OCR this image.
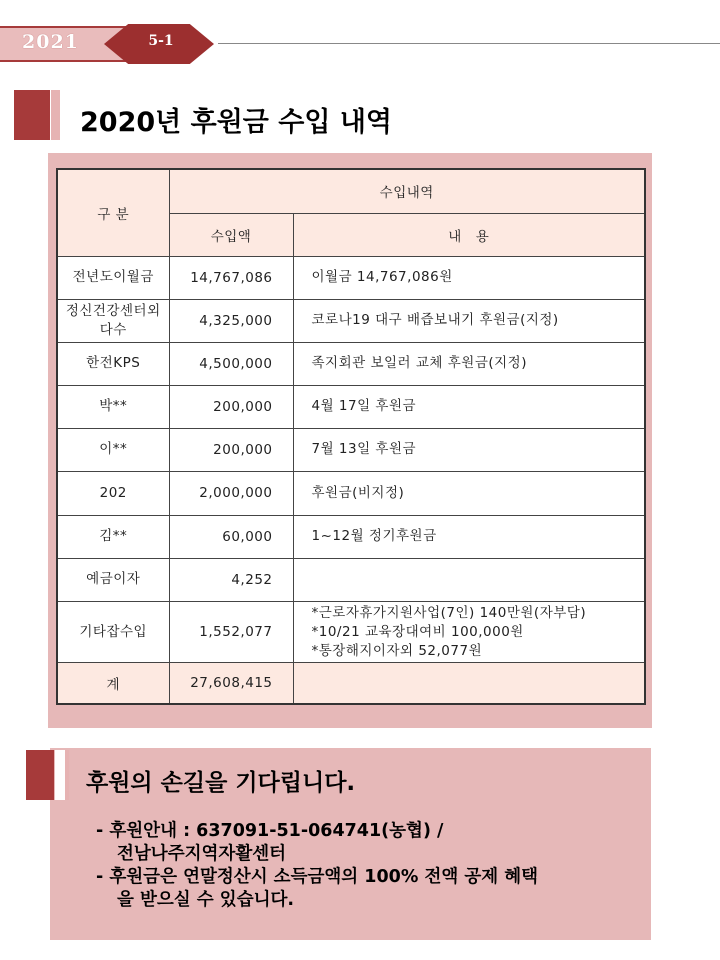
2021	5-1
2020년 후원금 수입 내역
구 분	수입내역	
	수입액	내　용
전년도이월금	14,767,086	이월금 14,767,086원

정신건강센터외
다수	4,325,000	코로나19 대구 배즙보내기 후원금(지정)

한전KPS	4,500,000	족지회관 보일러 교체 후원금(지정)

박**	200,000	4월 17일 후원금

이**	200,000	7월 13일 후원금

202	2,000,000	후원금(비지정)

김**	60,000	1~12월 정기후원금

예금이자	4,252	

기타잡수입	1,552,077	*근로자휴가지원사업(7인) 140만원(자부담)
*10/21 교육장대여비 100,000원
*통장해지이자외 52,077원

계	27,608,415	
후원의 손길을 기다립니다.
- 후원안내 : 637091-51-064741(농협) /
전남나주지역자활센터
- 후원금은 연말정산시 소득금액의 100% 전액 공제 혜택
을 받으실 수 있습니다.
